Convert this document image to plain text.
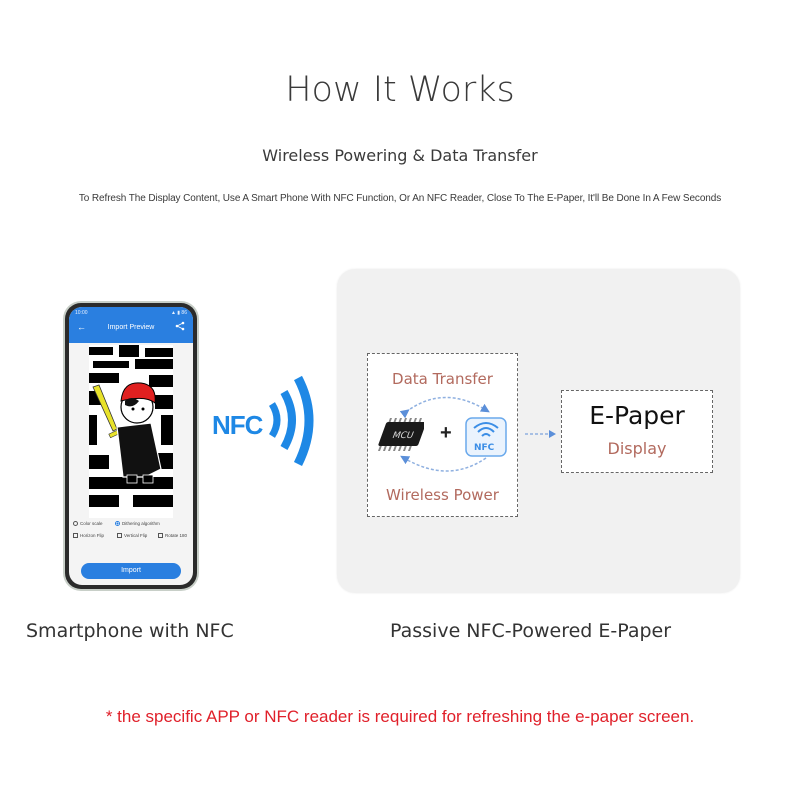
How It Works
Wireless Powering & Data Transfer
To Refresh The Display Content, Use A Smart Phone With NFC Function, Or An NFC Reader, Close To The E-Paper, It'll Be Done In A Few Seconds
10:00	▲ ▮ 86
←	Import Preview
Color scale	Dithering algorithm
Horizon Flip	Vertical Flip	Rotate 180
Import
Smartphone with NFC
NFC
Data Transfer
MCU +
NFC
Wireless Power
E-Paper
Display
Passive NFC-Powered E-Paper
* the specific APP or NFC reader is required for refreshing the e-paper screen.
